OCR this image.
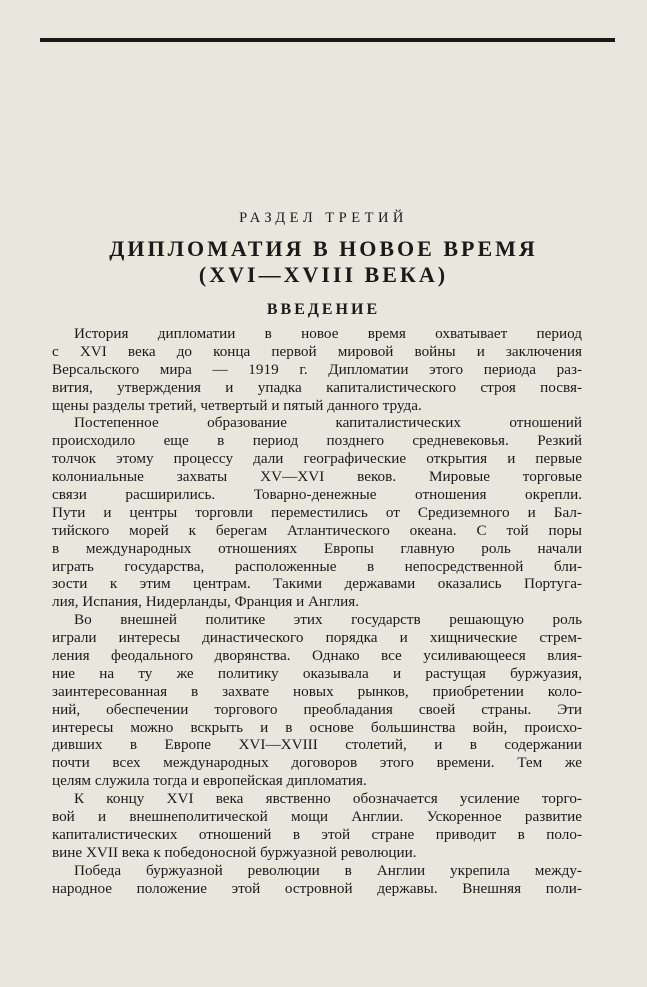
РАЗДЕЛ ТРЕТИЙ
ДИПЛОМАТИЯ В НОВОЕ ВРЕМЯ
(XVI—XVIII ВЕКА)
ВВЕДЕНИЕ
История дипломатии в новое время охватывает период
с XVI века до конца первой мировой войны и заключения
Версальского мира — 1919 г. Дипломатии этого периода раз-
вития, утверждения и упадка капиталистического строя посвя-
щены разделы третий, четвертый и пятый данного труда.
Постепенное образование капиталистических отношений
происходило еще в период позднего средневековья. Резкий
толчок этому процессу дали географические открытия и первые
колониальные захваты XV—XVI веков. Мировые торговые
связи расширились. Товарно-денежные отношения окрепли.
Пути и центры торговли переместились от Средиземного и Бал-
тийского морей к берегам Атлантического океана. С той поры
в международных отношениях Европы главную роль начали
играть государства, расположенные в непосредственной бли-
зости к этим центрам. Такими державами оказались Португа-
лия, Испания, Нидерланды, Франция и Англия.
Во внешней политике этих государств решающую роль
играли интересы династического порядка и хищнические стрем-
ления феодального дворянства. Однако все усиливающееся влия-
ние на ту же политику оказывала и растущая буржуазия,
заинтересованная в захвате новых рынков, приобретении коло-
ний, обеспечении торгового преобладания своей страны. Эти
интересы можно вскрыть и в основе большинства войн, происхо-
дивших в Европе XVI—XVIII столетий, и в содержании
почти всех международных договоров этого времени. Тем же
целям служила тогда и европейская дипломатия.
К концу XVI века явственно обозначается усиление торго-
вой и внешнеполитической мощи Англии. Ускоренное развитие
капиталистических отношений в этой стране приводит в поло-
вине XVII века к победоносной буржуазной революции.
Победа буржуазной революции в Англии укрепила между-
народное положение этой островной державы. Внешняя поли-
